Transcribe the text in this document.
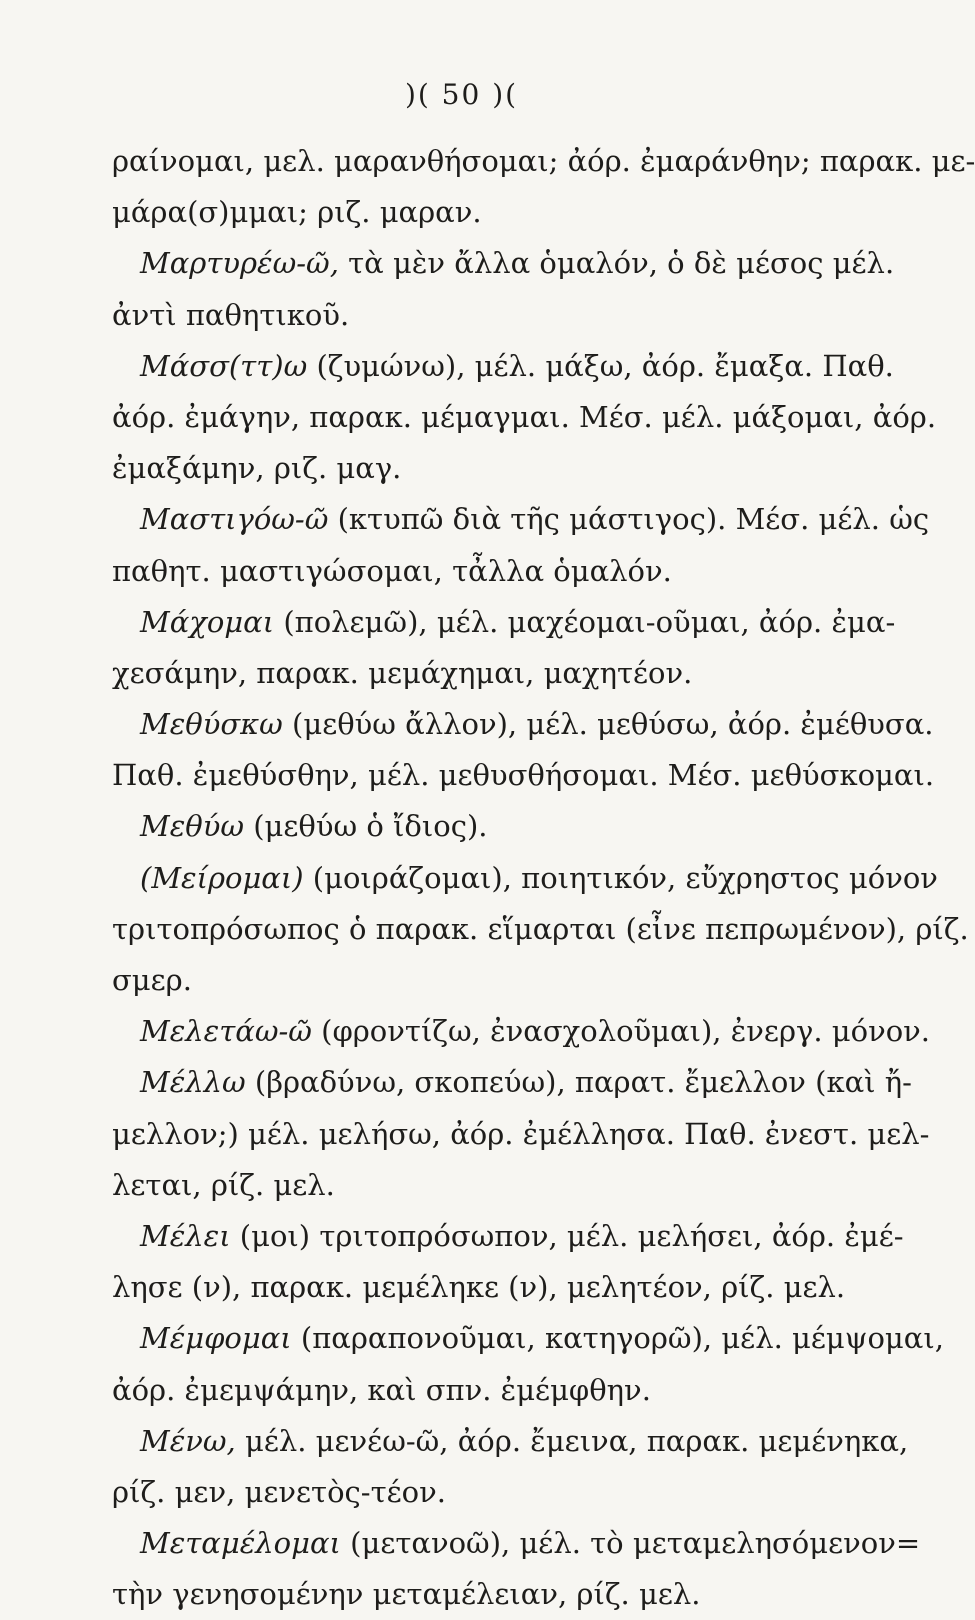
)( 50 )(
ραίνομαι, μελ. μαρανθήσομαι; ἀόρ. ἐμαράνθην; παρακ. με-
μάρα(σ)μμαι; ριζ. μαραν.
Μαρτυρέω-ῶ, τὰ μὲν ἄλλα ὁμαλόν, ὁ δὲ μέσος μέλ.
ἀντὶ παθητικοῦ.
Μάσσ(ττ)ω (ζυμώνω), μέλ. μάξω, ἀόρ. ἔμαξα. Παθ.
ἀόρ. ἐμάγην, παρακ. μέμαγμαι. Μέσ. μέλ. μάξομαι, ἀόρ.
ἐμαξάμην, ριζ. μαγ.
Μαστιγόω-ῶ (κτυπῶ διὰ τῆς μάστιγος). Μέσ. μέλ. ὡς
παθητ. μαστιγώσομαι, τἆλλα ὁμαλόν.
Μάχομαι (πολεμῶ), μέλ. μαχέομαι-οῦμαι, ἀόρ. ἐμα-
χεσάμην, παρακ. μεμάχημαι, μαχητέον.
Μεθύσκω (μεθύω ἄλλον), μέλ. μεθύσω, ἀόρ. ἐμέθυσα.
Παθ. ἐμεθύσθην, μέλ. μεθυσθήσομαι. Μέσ. μεθύσκομαι.
Μεθύω (μεθύω ὁ ἴδιος).
(Μείρομαι) (μοιράζομαι), ποιητικόν, εὔχρηστος μόνον
τριτοπρόσωπος ὁ παρακ. εἵμαρται (εἶνε πεπρωμένον), ρίζ.
σμερ.
Μελετάω-ῶ (φροντίζω, ἐνασχολοῦμαι), ἐνεργ. μόνον.
Μέλλω (βραδύνω, σκοπεύω), παρατ. ἔμελλον (καὶ ἤ-
μελλον;) μέλ. μελήσω, ἀόρ. ἐμέλλησα. Παθ. ἐνεστ. μελ-
λεται, ρίζ. μελ.
Μέλει (μοι) τριτοπρόσωπον, μέλ. μελήσει, ἀόρ. ἐμέ-
λησε (ν), παρακ. μεμέληκε (ν), μελητέον, ρίζ. μελ.
Μέμφομαι (παραπονοῦμαι, κατηγορῶ), μέλ. μέμψομαι,
ἀόρ. ἐμεμψάμην, καὶ σπν. ἐμέμφθην.
Μένω, μέλ. μενέω-ῶ, ἀόρ. ἔμεινα, παρακ. μεμένηκα,
ρίζ. μεν, μενετὸς-τέον.
Μεταμέλομαι (μετανοῶ), μέλ. τὸ μεταμελησόμενον=
τὴν γενησομένην μεταμέλειαν, ρίζ. μελ.
